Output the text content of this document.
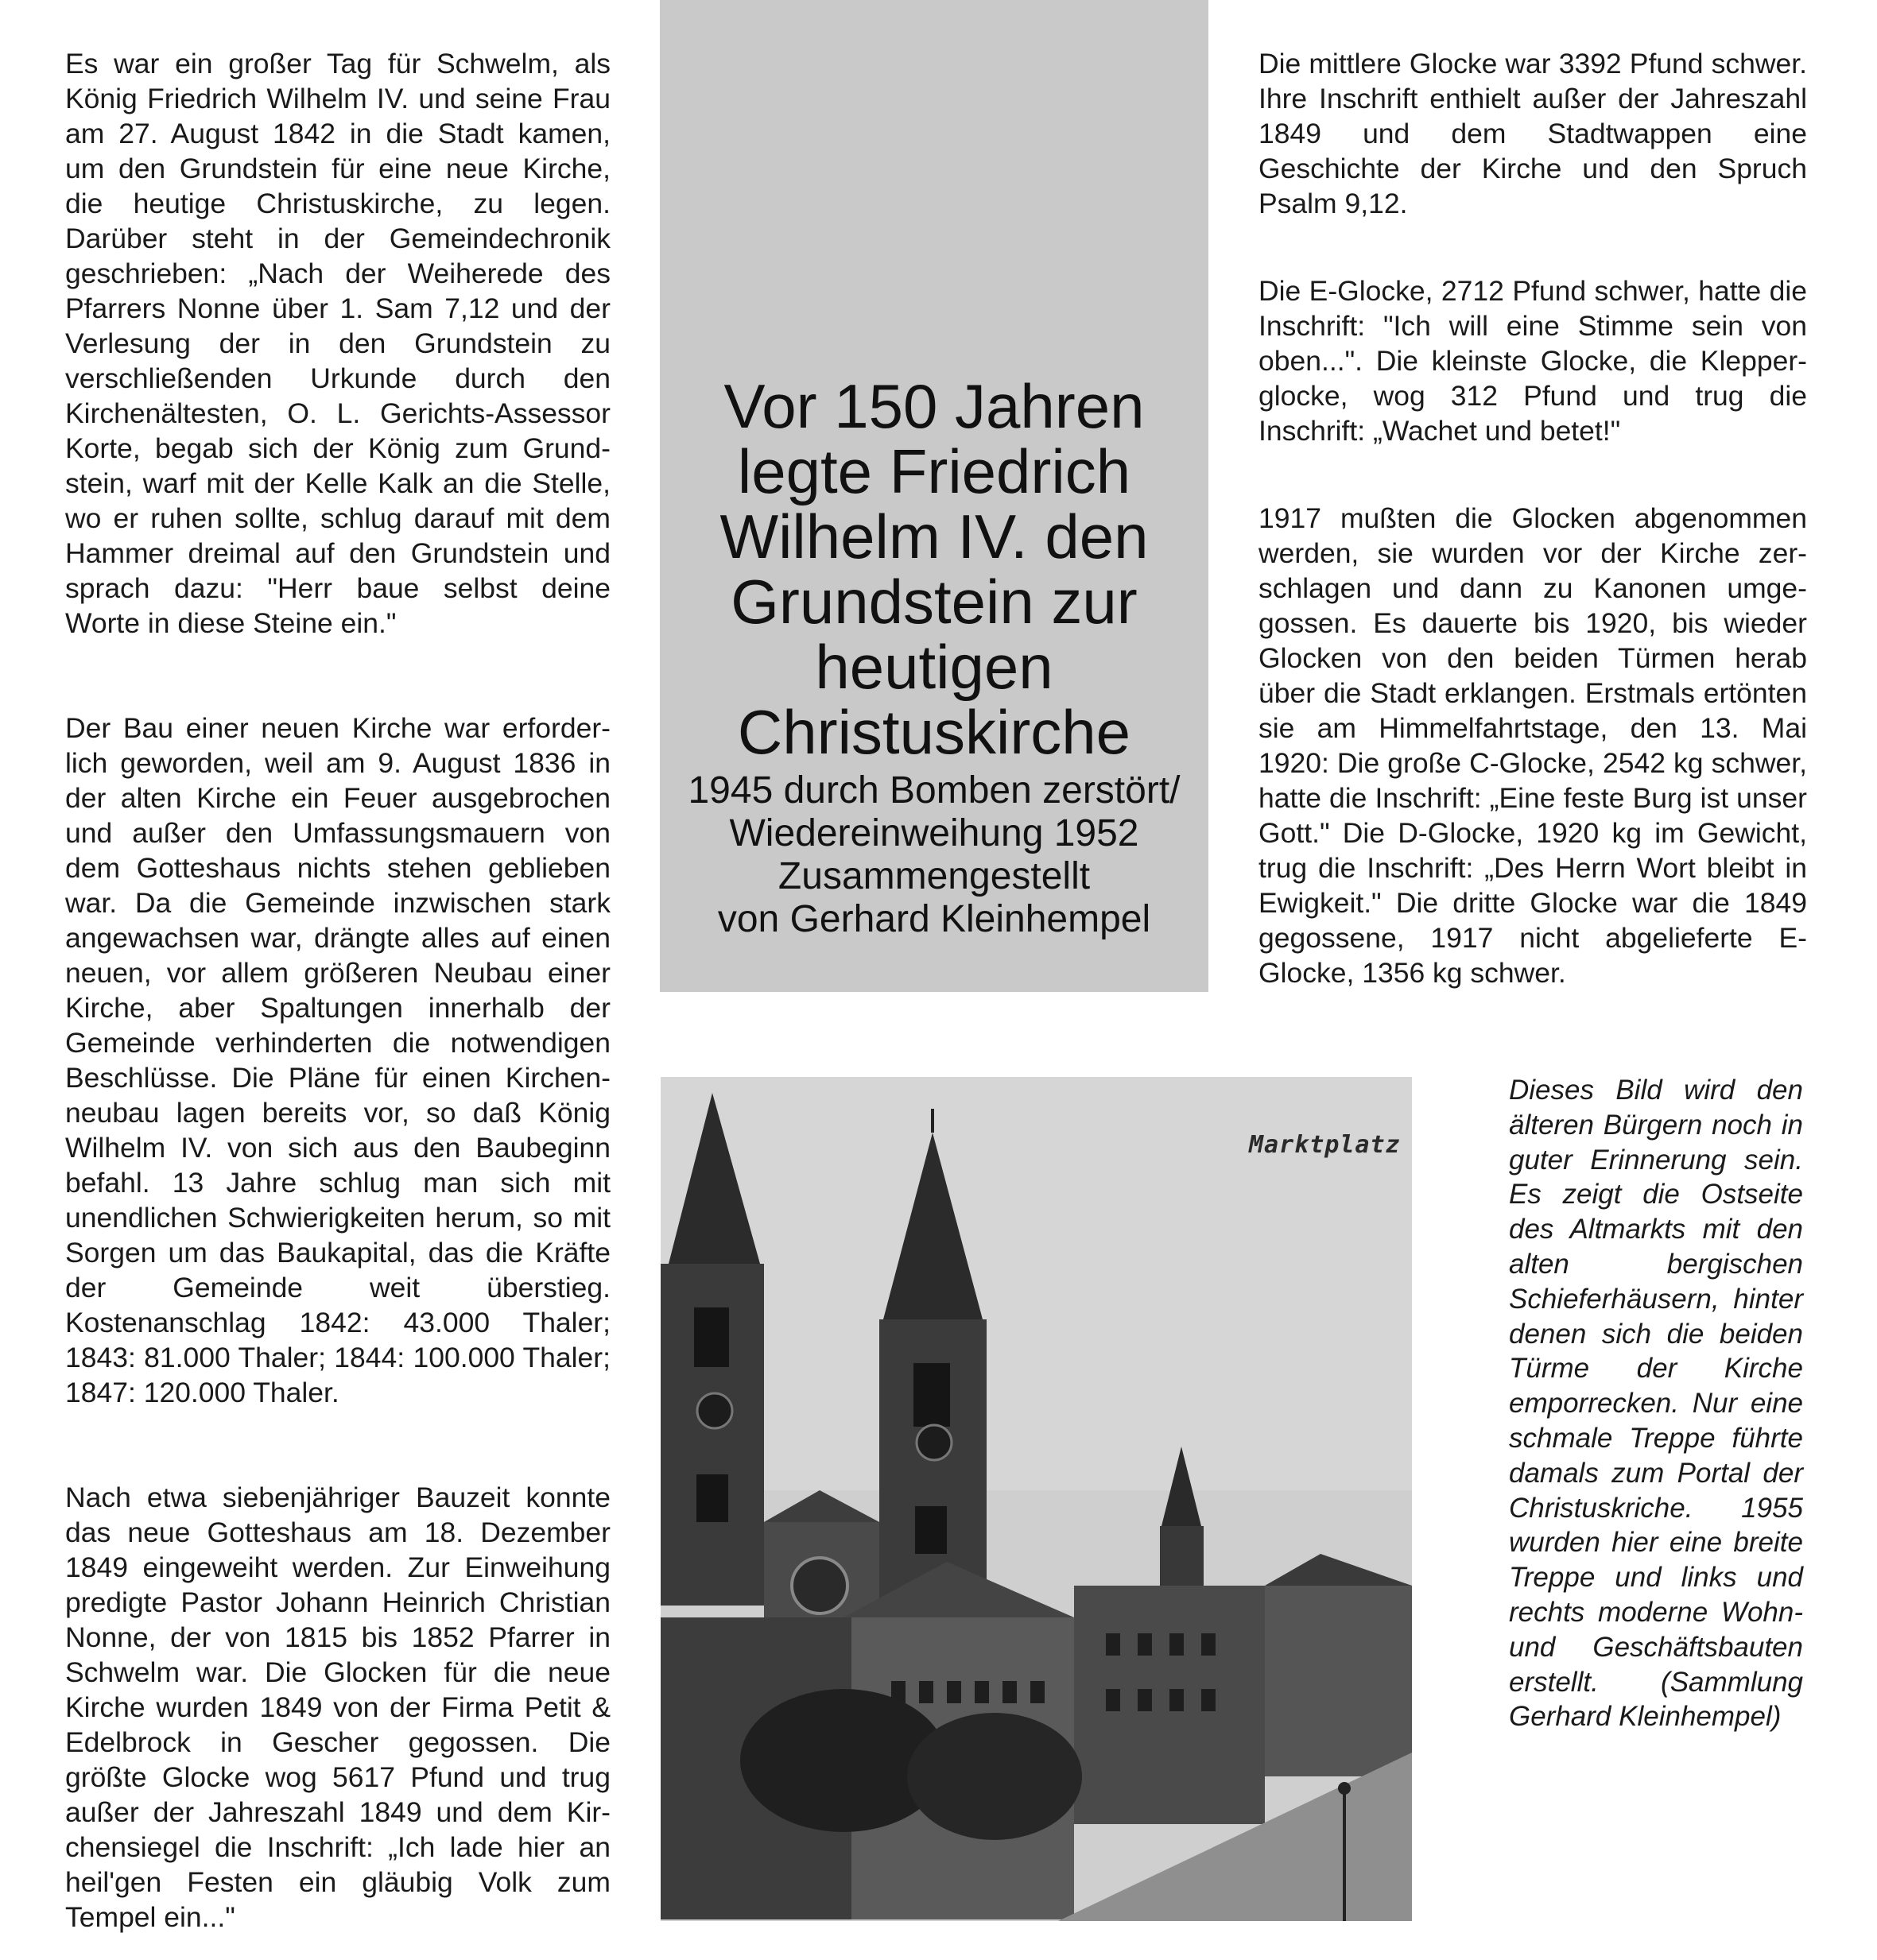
Es war ein großer Tag für Schwelm, als König Friedrich Wilhelm IV. und seine Frau am 27. August 1842 in die Stadt kamen, um den Grundstein für eine neue Kirche, die heutige Christuskirche, zu legen. Darüber steht in der Gemeindechronik geschrieben: „Nach der Weiherede des Pfarrers Nonne über 1. Sam 7,12 und der Verlesung der in den Grundstein zu verschließenden Urkunde durch den Kirchenältesten, O. L. Gerichts-Assessor Korte, begab sich der König zum Grundstein, warf mit der Kelle Kalk an die Stelle, wo er ruhen sollte, schlug darauf mit dem Hammer dreimal auf den Grundstein und sprach dazu: "Herr baue selbst deine Worte in diese Steine ein."

Der Bau einer neuen Kirche war erforderlich geworden, weil am 9. August 1836 in der alten Kirche ein Feuer ausgebrochen und außer den Umfassungsmauern von dem Gotteshaus nichts stehen geblieben war. Da die Gemeinde inzwischen stark angewachsen war, drängte alles auf einen neuen, vor allem größeren Neubau einer Kirche, aber Spaltungen innerhalb der Gemeinde verhinderten die notwendigen Beschlüsse. Die Pläne für einen Kirchenneubau lagen bereits vor, so daß König Wilhelm IV. von sich aus den Baubeginn befahl. 13 Jahre schlug man sich mit unendlichen Schwierigkeiten herum, so mit Sorgen um das Baukapital, das die Kräfte der Gemeinde weit überstieg. Kostenanschlag 1842: 43.000 Thaler; 1843: 81.000 Thaler; 1844: 100.000 Thaler; 1847: 120.000 Thaler.

Nach etwa siebenjähriger Bauzeit konnte das neue Gotteshaus am 18. Dezember 1849 eingeweiht werden. Zur Einweihung predigte Pastor Johann Heinrich Christian Nonne, der von 1815 bis 1852 Pfarrer in Schwelm war. Die Glocken für die neue Kirche wurden 1849 von der Firma Petit & Edelbrock in Gescher gegossen. Die größte Glocke wog 5617 Pfund und trug außer der Jahreszahl 1849 und dem Kirchensiegel die Inschrift: „Ich lade hier an heil'gen Festen ein gläubig Volk zum Tempel ein..."

Vor 150 Jahren legte Friedrich Wilhelm IV. den Grundstein zur heutigen Christuskirche

1945 durch Bomben zerstört/
Wiedereinweihung 1952
Zusammengestellt
von Gerhard Kleinhempel

Die mittlere Glocke war 3392 Pfund schwer. Ihre Inschrift enthielt außer der Jahreszahl 1849 und dem Stadtwappen eine Geschichte der Kirche und den Spruch Psalm 9,12.

Die E-Glocke, 2712 Pfund schwer, hatte die Inschrift: "Ich will eine Stimme sein von oben...". Die kleinste Glocke, die Klepperglocke, wog 312 Pfund und trug die Inschrift: „Wachet und betet!"

1917 mußten die Glocken abgenommen werden, sie wurden vor der Kirche zerschlagen und dann zu Kanonen umgegossen. Es dauerte bis 1920, bis wieder Glocken von den beiden Türmen herab über die Stadt erklangen. Erstmals ertönten sie am Himmelfahrtstage, den 13. Mai 1920: Die große C-Glocke, 2542 kg schwer, hatte die Inschrift: „Eine feste Burg ist unser Gott." Die D-Glocke, 1920 kg im Gewicht, trug die Inschrift: „Des Herrn Wort bleibt in Ewigkeit." Die dritte Glocke war die 1849 gegossene, 1917 nicht abgelieferte E-Glocke, 1356 kg schwer.

Marktplatz
Dieses Bild wird den älteren Bürgern noch in guter Erinnerung sein. Es zeigt die Ostseite des Altmarkts mit den alten bergischen Schieferhäusern, hinter denen sich die beiden Türme der Kirche emporrecken. Nur eine schmale Treppe führte damals zum Portal der Christuskriche. 1955 wurden hier eine breite Treppe und links und rechts moderne Wohn- und Geschäftsbauten erstellt. (Sammlung Gerhard Kleinhempel)
